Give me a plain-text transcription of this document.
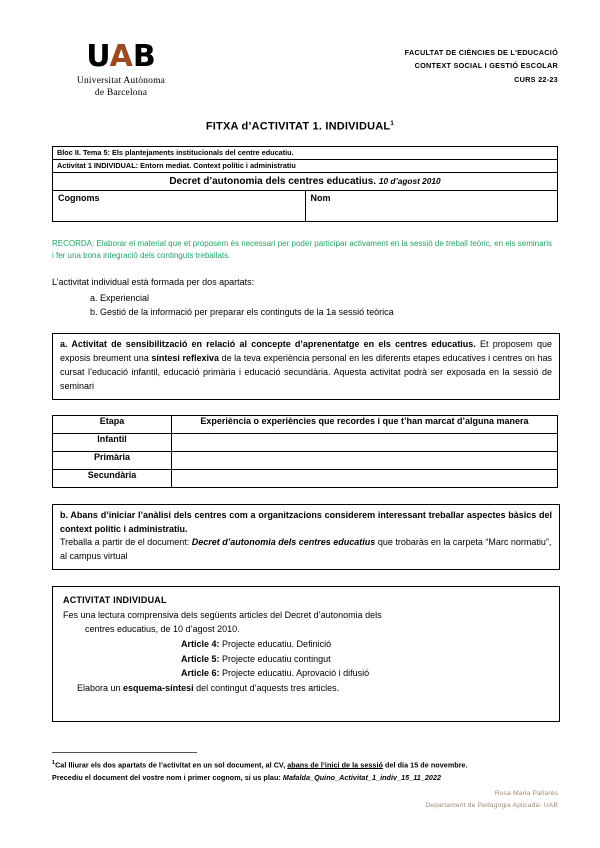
UAB
Universitat Autònoma
de Barcelona
FACULTAT DE CIÈNCIES DE L'EDUCACIÓ
CONTEXT SOCIAL I GESTIÓ ESCOLAR
CURS 22-23
FITXA d’ACTIVITAT 1. INDIVIDUAL$^1$
Bloc II. Tema 5: Els plantejaments institucionals del centre educatiu.
Activitat 1 INDIVIDUAL: Entorn mediat. Context polític i administratiu
Decret d’autonomia dels centres educatius. 10 d’agost 2010
Cognoms	Nom
RECORDA: Elaborar el material que et proposem és necessari per poder participar activament en la sessió de treball teòric, en els seminaris i fer una bona integració dels continguts treballats.
L’activitat individual està formada per dos apartats:
a. Experiencial
b. Gestió de la informació per preparar els continguts de la 1a sessió teòrica
a. Activitat de sensibilització en relació al concepte d’aprenentatge en els centres educatius. Et proposem que exposis breument una síntesi reflexiva de la teva experiència personal en les diferents etapes educatives i centres on has cursat l’educació infantil, educació primària i educació secundària. Aquesta activitat podrà ser exposada en la sessió de seminari
Etapa	Experiència o experiències que recordes i que t’han marcat d’alguna manera
Infantil	
Primària	
Secundària	
b. Abans d’iniciar l’anàlisi dels centres com a organitzacions considerem interessant treballar aspectes bàsics del context polític i administratiu.
Treballa a partir de el document: Decret d’autonomia dels centres educatius que trobaràs en la carpeta “Marc normatiu”, al campus virtual
ACTIVITAT INDIVIDUAL
Fes una lectura comprensiva dels següents articles del Decret d’autonomia dels
centres educatius, de 10 d’agost 2010.
Article 4: Projecte educatiu. Definició
Article 5: Projecte educatiu contingut
Article 6: Projecte educatiu. Aprovació i difusió
Elabora un esquema-síntesi del contingut d’aquests tres articles.
$^1$Cal lliurar els dos apartats de l’activitat en un sol document, al CV, abans de l’inici de la sessió del dia 15 de novembre.
Precediu el document del vostre nom i primer cognom, si us plau: Mafalda_Quino_Activitat_1_indiv_15_11_2022
Rosa Maria Pallarès
Departament de Pedagogia Aplicada- UAB
